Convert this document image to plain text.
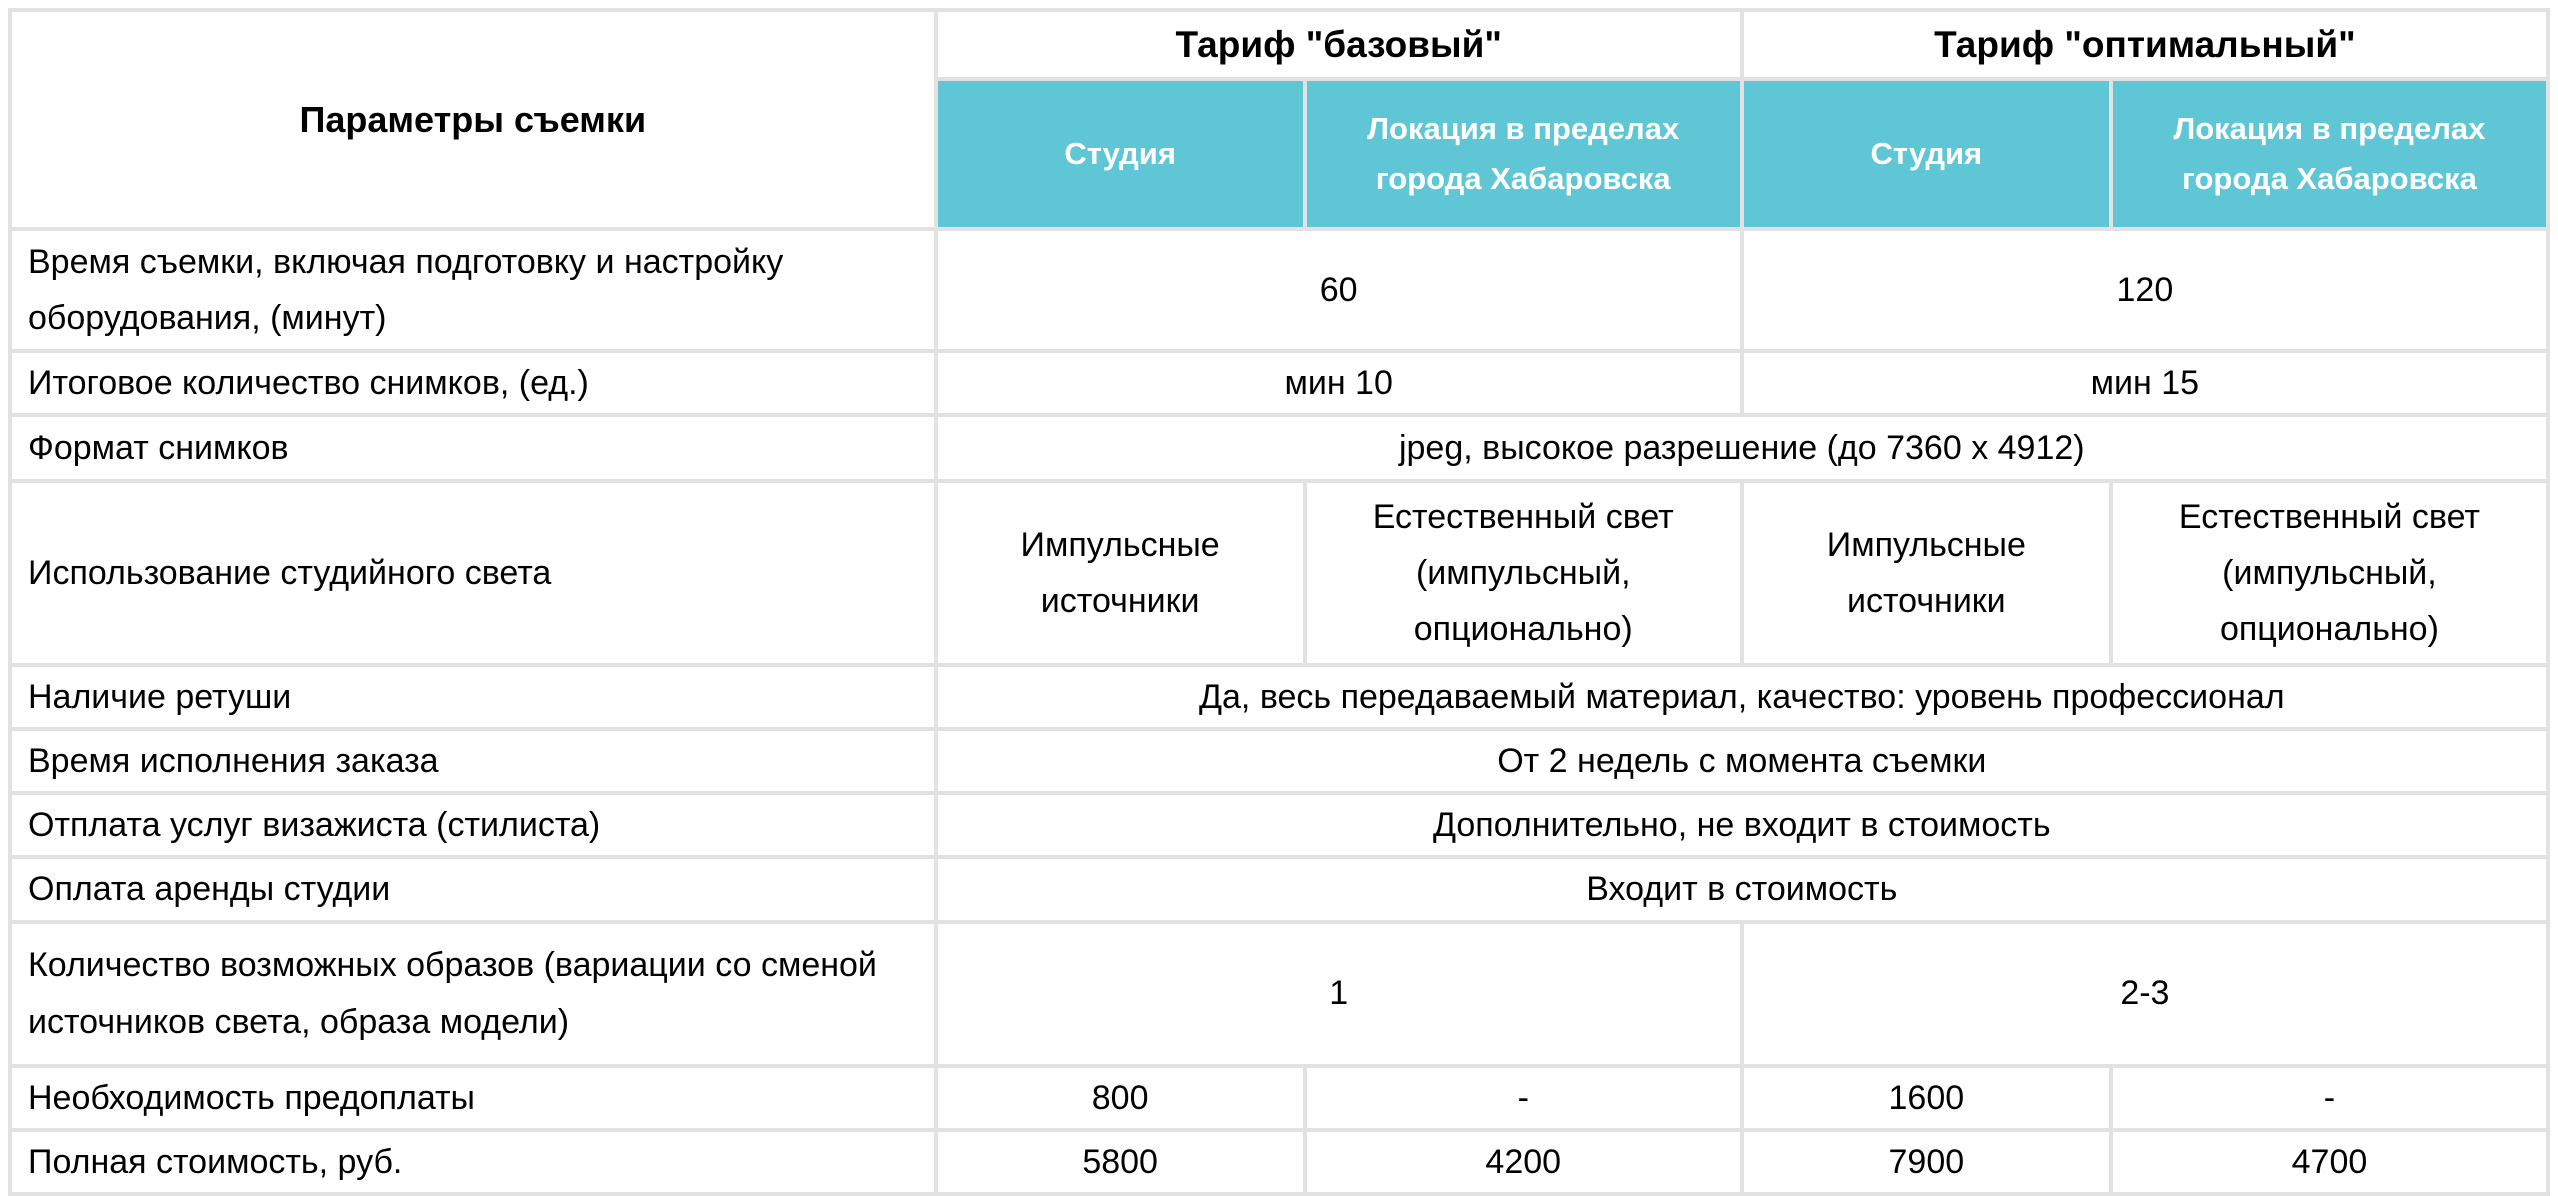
Параметры съемки	Тариф "базовый"		Тариф "оптимальный"	
	Студия	Локация в пределах города Хабаровска	Студия	Локация в пределах города Хабаровска
Время съемки, включая подготовку и настройку оборудования, (минут)	60		120	
Итоговое количество снимков, (ед.)	мин 10		мин 15	
Формат снимков	jpeg, высокое разрешение (до 7360 х 4912)			
Использование студийного света	Импульсные источники	Естественный свет (импульсный, опционально)	Импульсные источники	Естественный свет (импульсный, опционально)
Наличие ретуши	Да, весь передаваемый материал, качество: уровень профессионал			
Время исполнения заказа	От 2 недель с момента съемки			
Отплата услуг визажиста (стилиста)	Дополнительно, не входит в стоимость			
Оплата аренды студии	Входит в стоимость			
Количество возможных образов (вариации со сменой источников света, образа модели)	1		2-3	
Необходимость предоплаты	800	-	1600	-
Полная стоимость, руб.	5800	4200	7900	4700
